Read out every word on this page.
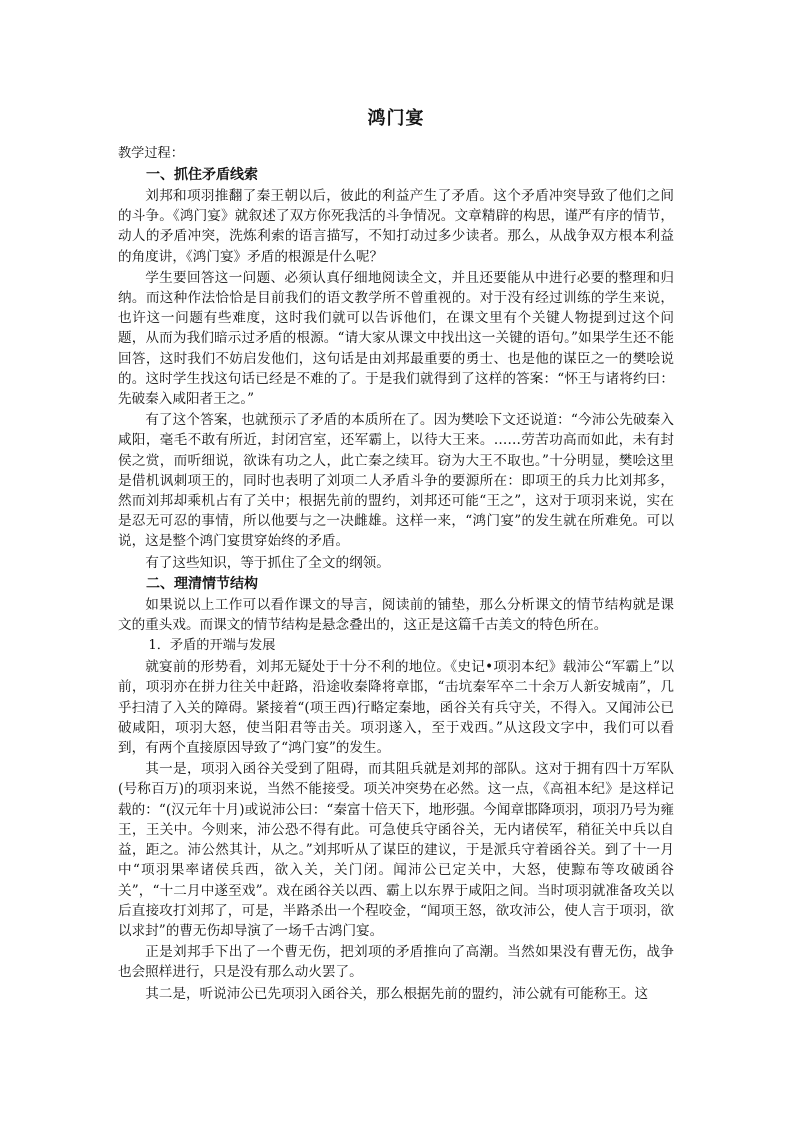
鸿门宴
教学过程：
一、抓住矛盾线索

刘邦和项羽推翻了秦王朝以后，彼此的利益产生了矛盾。这个矛盾冲突导致了他们之间的斗争。《鸿门宴》就叙述了双方你死我活的斗争情况。文章精辟的构思，谨严有序的情节，动人的矛盾冲突，洗炼利索的语言描写，不知打动过多少读者。那么，从战争双方根本利益的角度讲，《鸿门宴》矛盾的根源是什么呢？

学生要回答这一问题、必须认真仔细地阅读全文，并且还要能从中进行必要的整理和归纳。而这种作法恰恰是目前我们的语文教学所不曾重视的。对于没有经过训练的学生来说，也许这一问题有些难度，这时我们就可以告诉他们，在课文里有个关键人物提到过这个问题，从而为我们暗示过矛盾的根源。“请大家从课文中找出这一关键的语句。”如果学生还不能回答，这时我们不妨启发他们，这句话是由刘邦最重要的勇士、也是他的谋臣之一的樊哙说的。这时学生找这句话已经是不难的了。于是我们就得到了这样的答案：“怀王与诸将约曰：先破秦入咸阳者王之。”

有了这个答案，也就预示了矛盾的本质所在了。因为樊哙下文还说道：“今沛公先破秦入咸阳，毫毛不敢有所近，封闭宫室，还军霸上，以待大王来。……劳苦功高而如此，未有封侯之赏，而听细说，欲诛有功之人，此亡秦之续耳。窃为大王不取也。”十分明显，樊哙这里是借机讽刺项王的，同时也表明了刘项二人矛盾斗争的要源所在：即项王的兵力比刘邦多，然而刘邦却乘机占有了关中；根据先前的盟约，刘邦还可能“王之”，这对于项羽来说，实在是忍无可忍的事情，所以他要与之一决雌雄。这样一来，“鸿门宴”的发生就在所难免。可以说，这是整个鸿门宴贯穿始终的矛盾。

有了这些知识，等于抓住了全文的纲领。

二、理清情节结构

如果说以上工作可以看作课文的导言，阅读前的铺垫，那么分析课文的情节结构就是课文的重头戏。而课文的情节结构是悬念叠出的，这正是这篇千古美文的特色所在。

1．矛盾的开端与发展

就宴前的形势看，刘邦无疑处于十分不利的地位。《史记•项羽本纪》载沛公“军霸上”以前，项羽亦在拼力往关中赶路，沿途收秦降将章邯，“击坑秦军卒二十余万人新安城南”，几乎扫清了入关的障碍。紧接着“(项王西)行略定秦地，函谷关有兵守关，不得入。又闻沛公已破咸阳，项羽大怒，使当阳君等击关。项羽遂入，至于戏西。”从这段文字中，我们可以看到，有两个直接原因导致了“鸿门宴”的发生。

其一是，项羽入函谷关受到了阻碍，而其阻兵就是刘邦的部队。这对于拥有四十万军队(号称百万)的项羽来说，当然不能接受。项关冲突势在必然。这一点，《高祖本纪》是这样记载的：“(汉元年十月)或说沛公曰：“秦富十倍天下，地形强。今闻章邯降项羽，项羽乃号为雍王，王关中。今则来，沛公恐不得有此。可急使兵守函谷关，无内诸侯军，稍征关中兵以自益，距之。沛公然其计，从之。”刘邦听从了谋臣的建议，于是派兵守着函谷关。到了十一月中“项羽果率诸侯兵西，欲入关，关门闭。闻沛公已定关中，大怒，使黥布等攻破函谷关”，“十二月中遂至戏”。戏在函谷关以西、霸上以东界于咸阳之间。当时项羽就准备攻关以后直接攻打刘邦了，可是，半路杀出一个程咬金，“闻项王怒，欲攻沛公，使人言于项羽，欲以求封”的曹无伤却导演了一场千古鸿门宴。

正是刘邦手下出了一个曹无伤，把刘项的矛盾推向了高潮。当然如果没有曹无伤，战争也会照样进行，只是没有那么动火罢了。

其二是，听说沛公已先项羽入函谷关，那么根据先前的盟约，沛公就有可能称王。这
